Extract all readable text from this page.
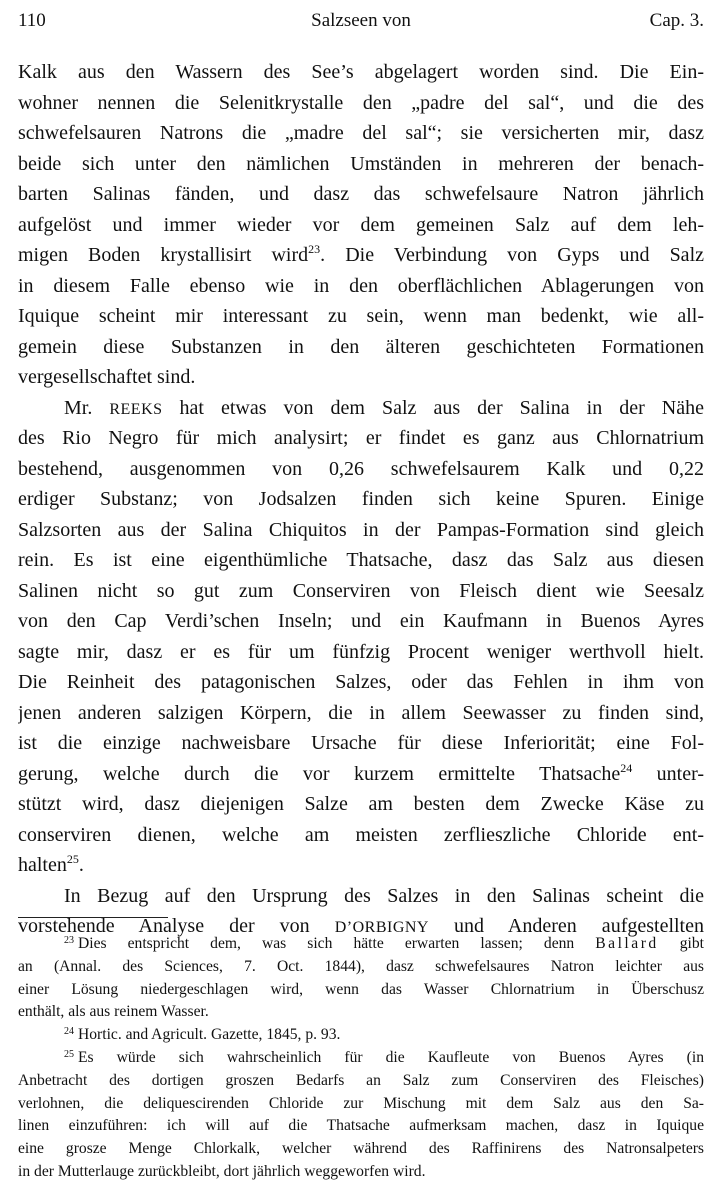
110	Salzseen von	Cap. 3.
Kalk aus den Wassern des See’s abgelagert worden sind. Die Ein-
wohner nennen die Selenitkrystalle den „padre del sal“, und die des
schwefelsauren Natrons die „madre del sal“; sie versicherten mir, dasz
beide sich unter den nämlichen Umständen in mehreren der benach-
barten Salinas fänden, und dasz das schwefelsaure Natron jährlich
aufgelöst und immer wieder vor dem gemeinen Salz auf dem leh-
migen Boden krystallisirt wird$^{23}$. Die Verbindung von Gyps und Salz
in diesem Falle ebenso wie in den oberflächlichen Ablagerungen von
Iquique scheint mir interessant zu sein, wenn man bedenkt, wie all-
gemein diese Substanzen in den älteren geschichteten Formationen
vergesellschaftet sind.
Mr. REEKS hat etwas von dem Salz aus der Salina in der Nähe
des Rio Negro für mich analysirt; er findet es ganz aus Chlornatrium
bestehend, ausgenommen von 0,26 schwefelsaurem Kalk und 0,22
erdiger Substanz; von Jodsalzen finden sich keine Spuren. Einige
Salzsorten aus der Salina Chiquitos in der Pampas-Formation sind gleich
rein. Es ist eine eigenthümliche Thatsache, dasz das Salz aus diesen
Salinen nicht so gut zum Conserviren von Fleisch dient wie Seesalz
von den Cap Verdi’schen Inseln; und ein Kaufmann in Buenos Ayres
sagte mir, dasz er es für um fünfzig Procent weniger werthvoll hielt.
Die Reinheit des patagonischen Salzes, oder das Fehlen in ihm von
jenen anderen salzigen Körpern, die in allem Seewasser zu finden sind,
ist die einzige nachweisbare Ursache für diese Inferiorität; eine Fol-
gerung, welche durch die vor kurzem ermittelte Thatsache$^{24}$ unter-
stützt wird, dasz diejenigen Salze am besten dem Zwecke Käse zu
conserviren dienen, welche am meisten zerflieszliche Chloride ent-
halten$^{25}$.
In Bezug auf den Ursprung des Salzes in den Salinas scheint die
vorstehende Analyse der von D’ORBIGNY und Anderen aufgestellten
$^{23}$ Dies entspricht dem, was sich hätte erwarten lassen; denn Ballard gibt
an (Annal. des Sciences, 7. Oct. 1844), dasz schwefelsaures Natron leichter aus
einer Lösung niedergeschlagen wird, wenn das Wasser Chlornatrium in Überschusz
enthält, als aus reinem Wasser.
$^{24}$ Hortic. and Agricult. Gazette, 1845, p. 93.
$^{25}$ Es würde sich wahrscheinlich für die Kaufleute von Buenos Ayres (in
Anbetracht des dortigen groszen Bedarfs an Salz zum Conserviren des Fleisches)
verlohnen, die deliquescirenden Chloride zur Mischung mit dem Salz aus den Sa-
linen einzuführen: ich will auf die Thatsache aufmerksam machen, dasz in Iquique
eine grosze Menge Chlorkalk, welcher während des Raffinirens des Natronsalpeters
in der Mutterlauge zurückbleibt, dort jährlich weggeworfen wird.
